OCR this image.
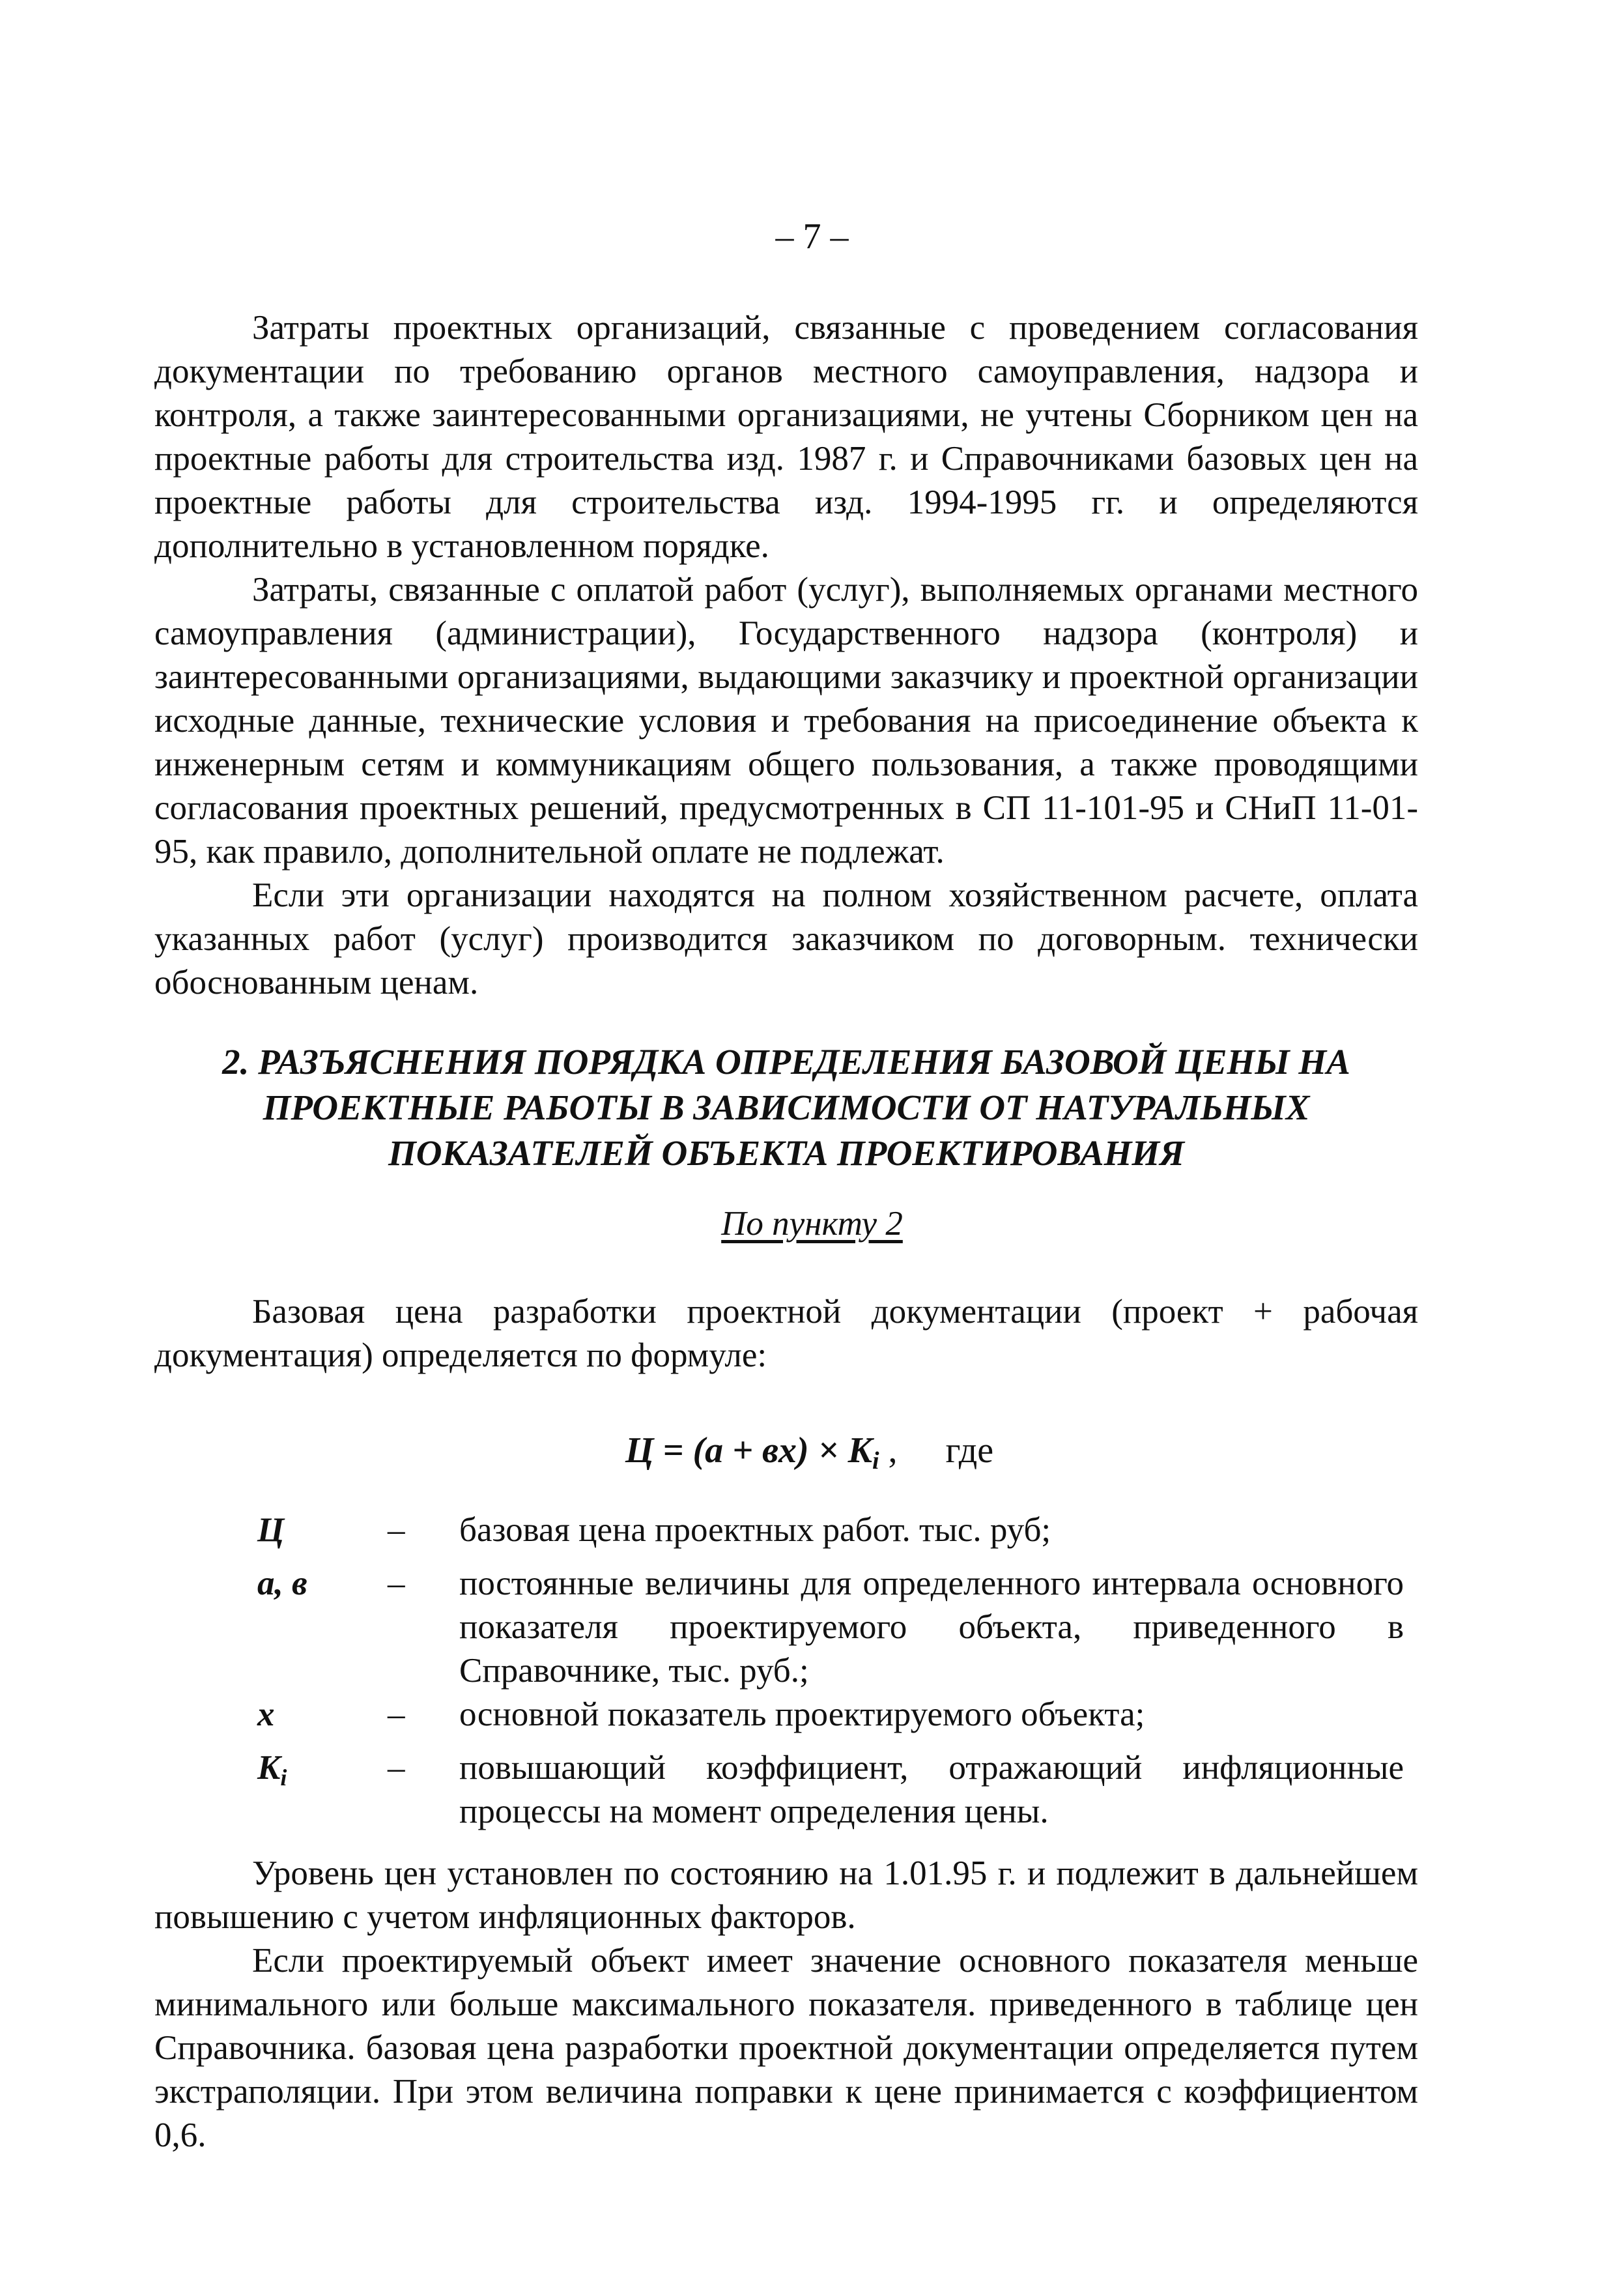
– 7 –

Затраты проектных организаций, связанные с проведением согласования документации по требованию органов местного самоуправления, надзора и контроля, а также заинтересованными организациями, не учтены Сборником цен на проектные работы для строительства изд. 1987 г. и Справочниками базовых цен на проектные работы для строительства изд. 1994-1995 гг. и определяются дополнительно в установленном порядке.

Затраты, связанные с оплатой работ (услуг), выполняемых органами местного самоуправления (администрации), Государственного надзора (контроля) и заинтересованными организациями, выдающими заказчику и проектной организации исходные данные, технические условия и требования на присоединение объекта к инженерным сетям и коммуникациям общего пользования, а также проводящими согласования проектных решений, предусмотренных в СП 11-101-95 и СНиП 11-01-95, как правило, дополнительной оплате не подлежат.

Если эти организации находятся на полном хозяйственном расчете, оплата указанных работ (услуг) производится заказчиком по договорным. технически обоснованным ценам.

2. РАЗЪЯСНЕНИЯ ПОРЯДКА ОПРЕДЕЛЕНИЯ БАЗОВОЙ ЦЕНЫ НА ПРОЕКТНЫЕ РАБОТЫ В ЗАВИСИМОСТИ ОТ НАТУРАЛЬНЫХ ПОКАЗАТЕЛЕЙ ОБЪЕКТА ПРОЕКТИРОВАНИЯ
По пункту 2

Базовая цена разработки проектной документации (проект + рабочая документация) определяется по формуле:

$Ц = (а + вх) \times K_i$ , где
Ц	–	базовая цена проектных работ. тыс. руб;
а, в	–	постоянные величины для определенного интервала основного показателя проектируемого объекта, приведенного в Справочнике, тыс. руб.;
х	–	основной показатель проектируемого объекта;
$K_i$	–	повышающий коэффициент, отражающий инфляционные процессы на момент определения цены.

Уровень цен установлен по состоянию на 1.01.95 г. и подлежит в дальнейшем повышению с учетом инфляционных факторов.

Если проектируемый объект имеет значение основного показателя меньше минимального или больше максимального показателя. приведенного в таблице цен Справочника. базовая цена разработки проектной документации определяется путем экстраполяции. При этом величина поправки к цене принимается с коэффициентом 0,6.
